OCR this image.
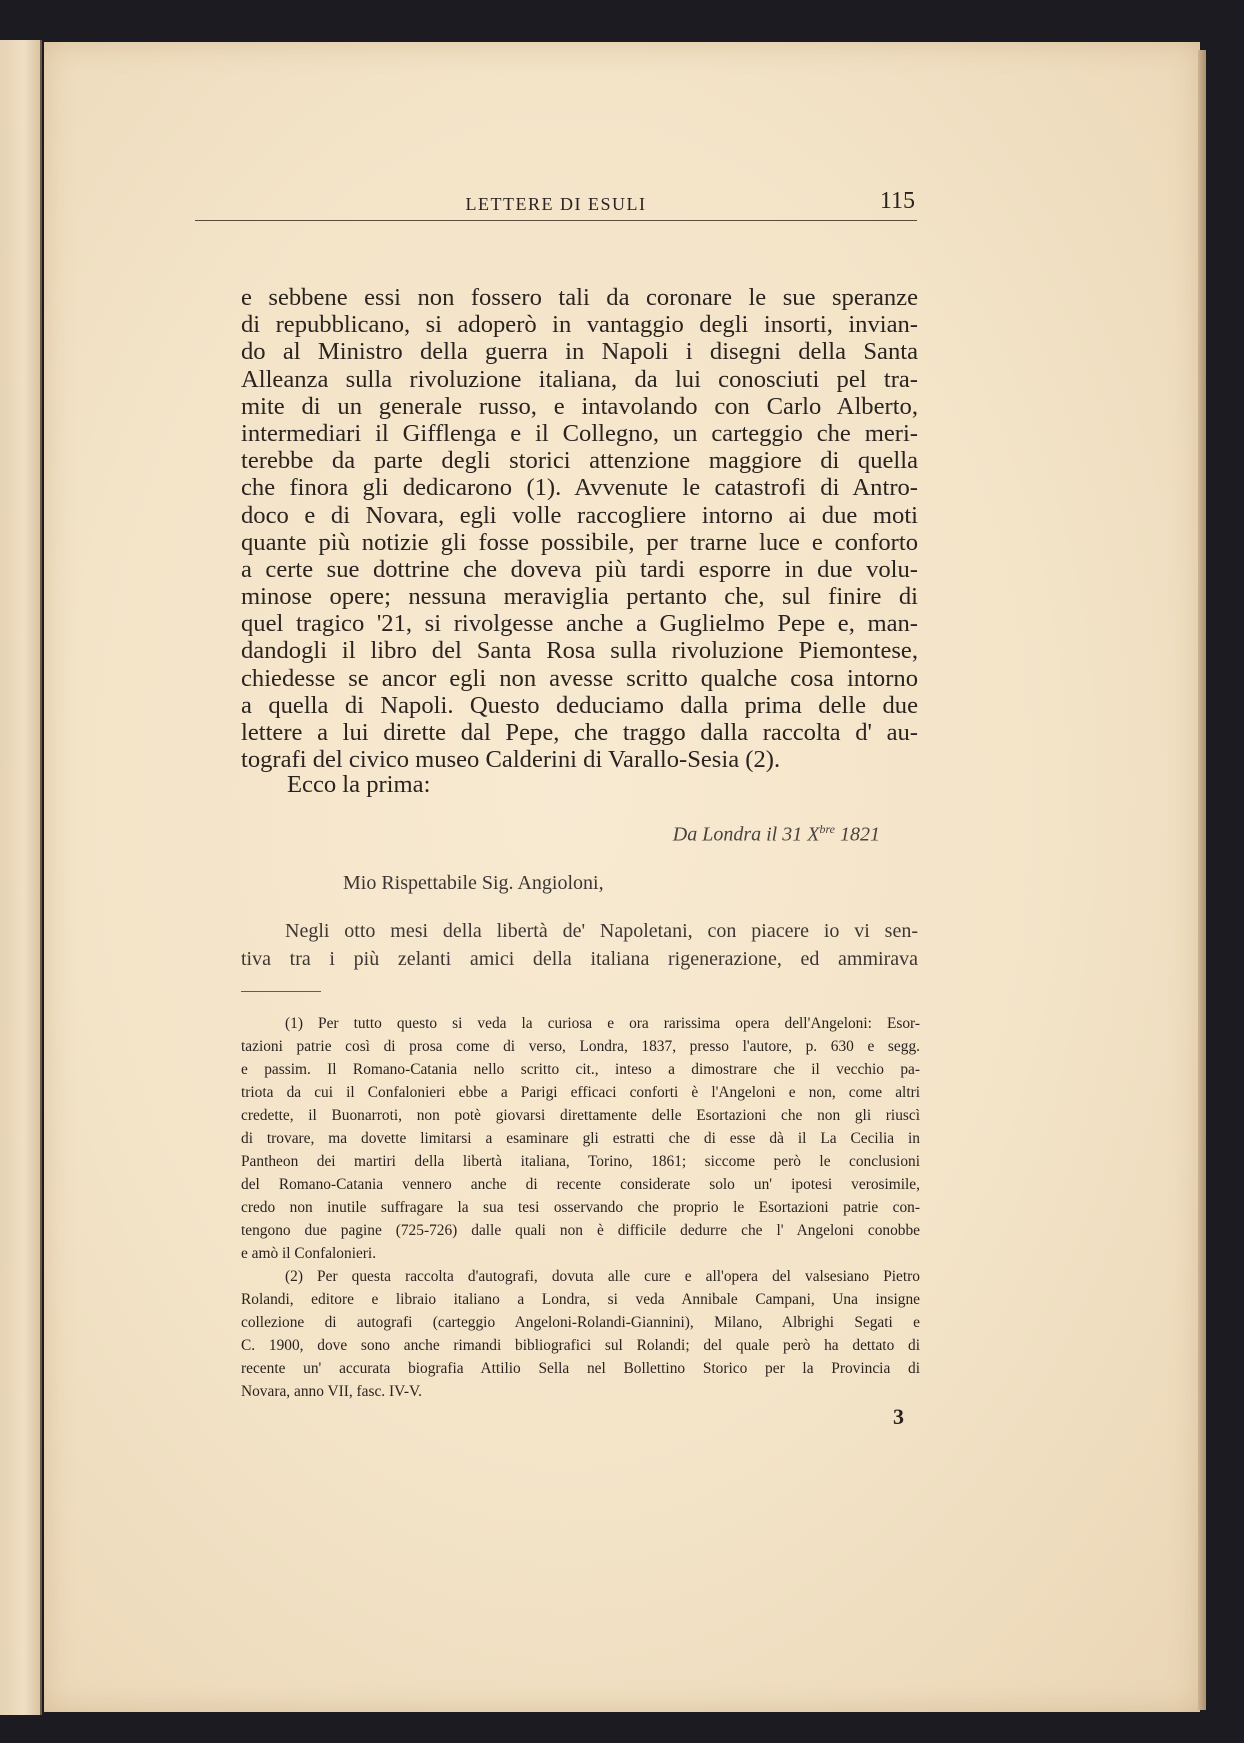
LETTERE DI ESULI	115
e sebbene essi non fossero tali da coronare le sue speranze
di repubblicano, si adoperò in vantaggio degli insorti, invian-
do al Ministro della guerra in Napoli i disegni della Santa
Alleanza sulla rivoluzione italiana, da lui conosciuti pel tra-
mite di un generale russo, e intavolando con Carlo Alberto,
intermediari il Gifflenga e il Collegno, un carteggio che meri-
terebbe da parte degli storici attenzione maggiore di quella
che finora gli dedicarono (1). Avvenute le catastrofi di Antro-
doco e di Novara, egli volle raccogliere intorno ai due moti
quante più notizie gli fosse possibile, per trarne luce e conforto
a certe sue dottrine che doveva più tardi esporre in due volu-
minose opere; nessuna meraviglia pertanto che, sul finire di
quel tragico '21, si rivolgesse anche a Guglielmo Pepe e, man-
dandogli il libro del Santa Rosa sulla rivoluzione Piemontese,
chiedesse se ancor egli non avesse scritto qualche cosa intorno
a quella di Napoli. Questo deduciamo dalla prima delle due
lettere a lui dirette dal Pepe, che traggo dalla raccolta d' au-
tografi del civico museo Calderini di Varallo-Sesia (2).
Ecco la prima:
Da Londra il 31 $X^{bre}$ 1821
Mio Rispettabile Sig. Angioloni,
Negli otto mesi della libertà de' Napoletani, con piacere io vi sen-
tiva tra i più zelanti amici della italiana rigenerazione, ed ammirava
(1) Per tutto questo si veda la curiosa e ora rarissima opera dell'Angeloni: Esor-
tazioni patrie così di prosa come di verso, Londra, 1837, presso l'autore, p. 630 e segg.
e passim. Il Romano-Catania nello scritto cit., inteso a dimostrare che il vecchio pa-
triota da cui il Confalonieri ebbe a Parigi efficaci conforti è l'Angeloni e non, come altri
credette, il Buonarroti, non potè giovarsi direttamente delle Esortazioni che non gli riuscì
di trovare, ma dovette limitarsi a esaminare gli estratti che di esse dà il La Cecilia in
Pantheon dei martiri della libertà italiana, Torino, 1861; siccome però le conclusioni
del Romano-Catania vennero anche di recente considerate solo un' ipotesi verosimile,
credo non inutile suffragare la sua tesi osservando che proprio le Esortazioni patrie con-
tengono due pagine (725-726) dalle quali non è difficile dedurre che l' Angeloni conobbe
e amò il Confalonieri.
(2) Per questa raccolta d'autografi, dovuta alle cure e all'opera del valsesiano Pietro
Rolandi, editore e libraio italiano a Londra, si veda Annibale Campani, Una insigne
collezione di autografi (carteggio Angeloni-Rolandi-Giannini), Milano, Albrighi Segati e
C. 1900, dove sono anche rimandi bibliografici sul Rolandi; del quale però ha dettato di
recente un' accurata biografia Attilio Sella nel Bollettino Storico per la Provincia di
Novara, anno VII, fasc. IV-V.
3
